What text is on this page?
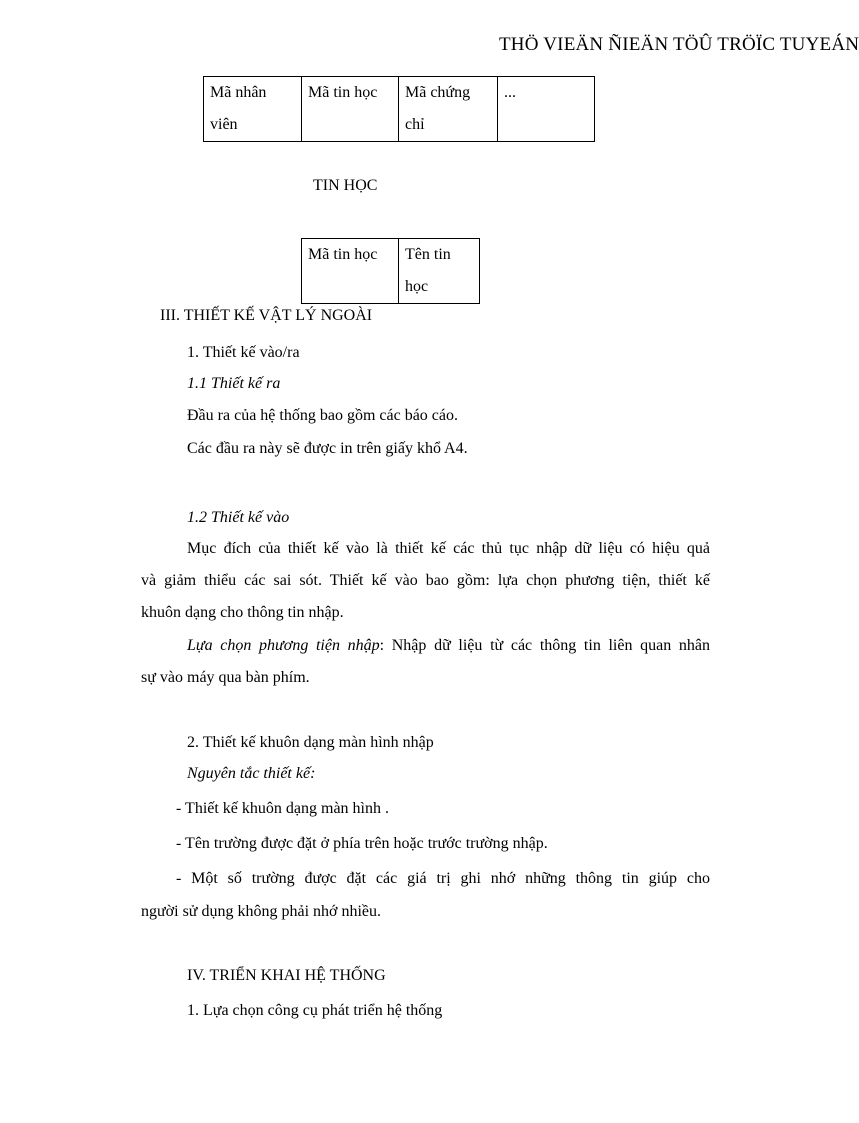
THÖ VIEÄN ÑIEÄN TÖÛ TRÖÏC TUYEÁN
Mã nhân viên	Mã tin học	Mã chứng chỉ	...
TIN HỌC
Mã tin học	Tên tin học
III. THIẾT KẾ VẬT LÝ NGOÀI
1. Thiết kế vào/ra
1.1 Thiết kế ra
Đầu ra của hệ thống bao gồm các báo cáo.
Các đầu ra này sẽ được in trên giấy khổ A4.
1.2 Thiết kế vào
Mục đích của thiết kế vào là thiết kế các thủ tục nhập dữ liệu có hiệu quả
và giảm thiểu các sai sót. Thiết kế vào bao gồm: lựa chọn phương tiện, thiết kế
khuôn dạng cho thông tin nhập.
Lựa chọn phương tiện nhập: Nhập dữ liệu từ các thông tin liên quan nhân
sự vào máy qua bàn phím.
2. Thiết kế khuôn dạng màn hình nhập
Nguyên tắc thiết kế:
- Thiết kế khuôn dạng màn hình .
- Tên trường được đặt ở phía trên hoặc trước trường nhập.
- Một số trường được đặt các giá trị ghi nhớ những thông tin giúp cho
người sử dụng không phải nhớ nhiều.
IV. TRIỂN KHAI HỆ THỐNG
1. Lựa chọn công cụ phát triển hệ thống
